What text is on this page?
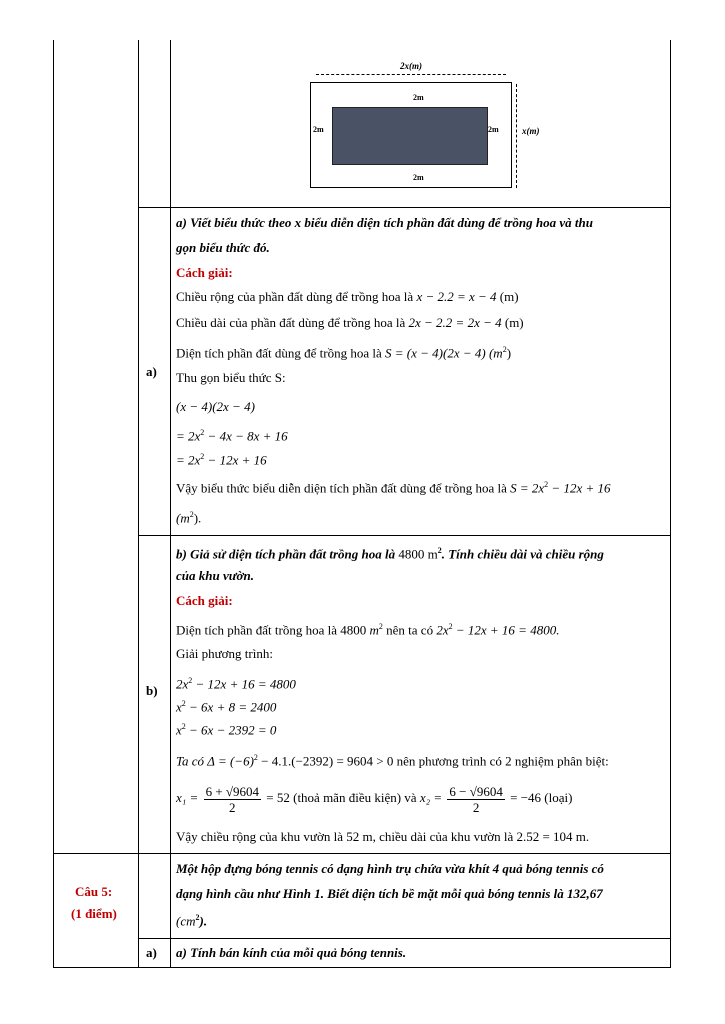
2x(m)
x(m)
2m
2m	2m
2m
a)
a) Viết biểu thức theo x biểu diễn diện tích phần đất dùng để trồng hoa và thu
gọn biểu thức đó.
Cách giải:
Chiều rộng của phần đất dùng để trồng hoa là x − 2.2 = x − 4 (m)
Chiều dài của phần đất dùng để trồng hoa là 2x − 2.2 = 2x − 4 (m)
Diện tích phần đất dùng để trồng hoa là S = (x − 4)(2x − 4) $(m^2)$
Thu gọn biểu thức S:
(x − 4)(2x − 4)
= $2x^2 - 4x - 8x + 16$
= $2x^2 - 12x + 16$
Vậy biểu thức biểu diễn diện tích phần đất dùng để trồng hoa là $S = 2x^2 - 12x + 16$
$(m^2)$.
b)
b) Giả sử diện tích phần đất trồng hoa là 4800 $m^2$. Tính chiều dài và chiều rộng
của khu vườn.
Cách giải:
Diện tích phần đất trồng hoa là 4800 $m^2$ nên ta có $2x^2 - 12x + 16 = 4800$.
Giải phương trình:
$2x^2 - 12x + 16 = 4800$
$x^2 - 6x + 8 = 2400$
$x^2 - 6x - 2392 = 0$
Ta có $\Delta = (-6)^2 - 4.1.(-2392) = 9604 > 0$ nên phương trình có 2 nghiệm phân biệt:
$x_1 = \frac{6 + √9604}{2} = 52$ (thoả mãn điều kiện) và $x_2 = \frac{6 - √9604}{2} = -46$ (loại)
Vậy chiều rộng của khu vườn là 52 m, chiều dài của khu vườn là 2.52 = 104 m.
Câu 5:
(1 điểm)
Một hộp đựng bóng tennis có dạng hình trụ chứa vừa khít 4 quả bóng tennis có
dạng hình cầu như Hình 1. Biết diện tích bề mặt mỗi quả bóng tennis là 132,67
$(cm^2)$.
a) a) Tính bán kính của mỗi quả bóng tennis.
